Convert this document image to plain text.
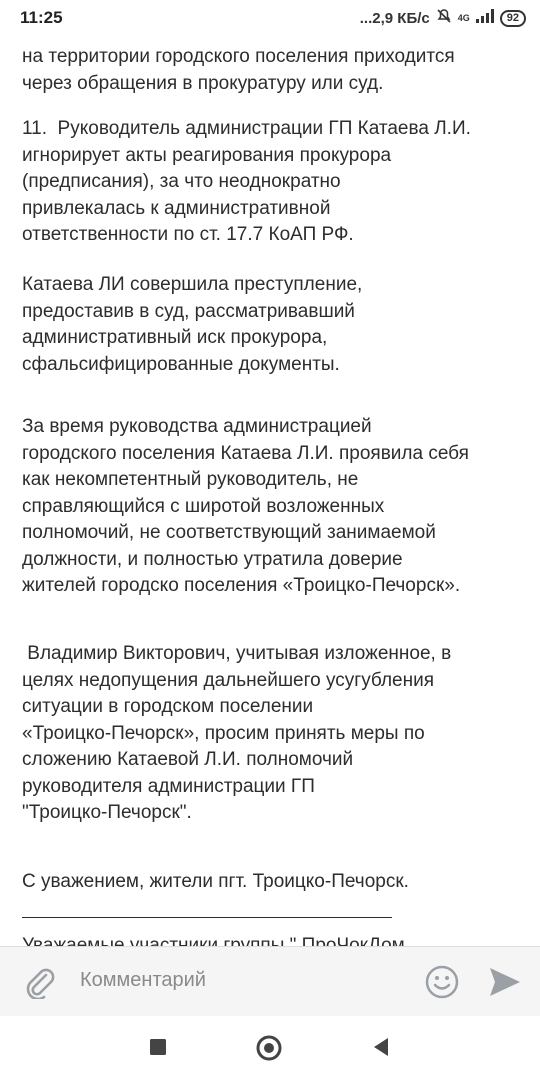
11:25	...2,9 КБ/с	4G	92

на территории городского поселения приходится
через обращения в прокуратуру или суд.

11.  Руководитель администрации ГП Катаева Л.И.
игнорирует акты реагирования прокурора
(предписания), за что неоднократно
привлекалась к административной
ответственности по ст. 17.7 КоАП РФ.

Катаева ЛИ совершила преступление,
предоставив в суд, рассматривавший
административный иск прокурора,
сфальсифицированные документы.

За время руководства администрацией
городского поселения Катаева Л.И. проявила себя
как некомпетентный руководитель, не
справляющийся с широтой возложенных
полномочий, не соответствующий занимаемой
должности, и полностью утратила доверие
жителей городско поселения «Троицко-Печорск».

Владимир Викторович, учитывая изложенное, в
целях недопущения дальнейшего усугубления
ситуации в городском поселении
«Троицко-Печорск», просим принять меры по
сложению Катаевой Л.И. полномочий
руководителя администрации ГП
"Троицко-Печорск".

С уважением, жители пгт. Троицко-Печорск.

Комментарий
